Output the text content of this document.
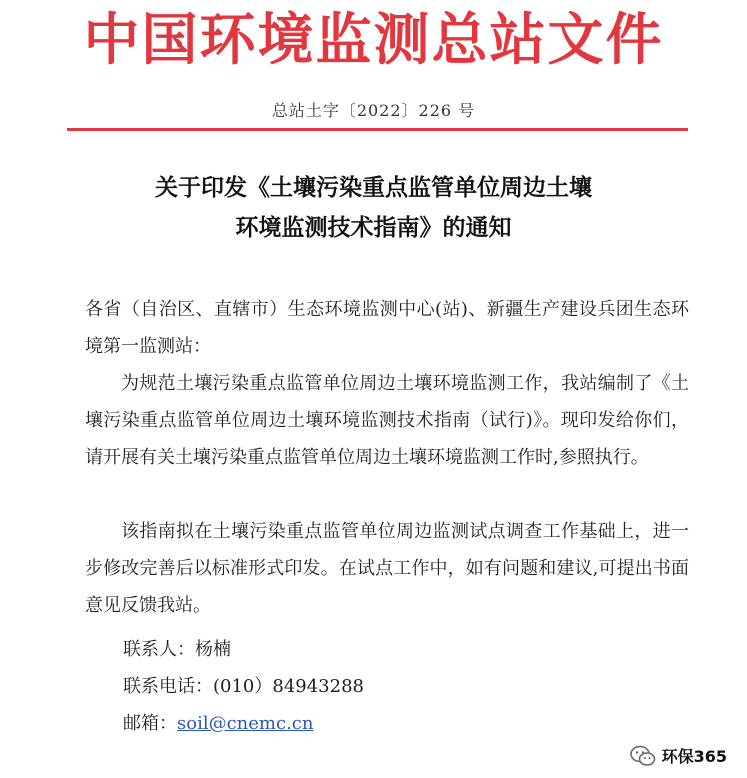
中国环境监测总站文件
总站土字〔2022〕226 号
关于印发《土壤污染重点监管单位周边土壤
环境监测技术指南》的通知
各省（自治区、直辖市）生态环境监测中心(站)、新疆生产建设兵团生态环境第一监测站：
为规范土壤污染重点监管单位周边土壤环境监测工作，我站编制了《土壤污染重点监管单位周边土壤环境监测技术指南（试行)》。现印发给你们，请开展有关土壤污染重点监管单位周边土壤环境监测工作时,参照执行。
该指南拟在土壤污染重点监管单位周边监测试点调查工作基础上，进一步修改完善后以标准形式印发。在试点工作中，如有问题和建议,可提出书面意见反馈我站。
联系人：杨楠
联系电话：(010）84943288
邮箱：soil@cnemc.cn
环保365
